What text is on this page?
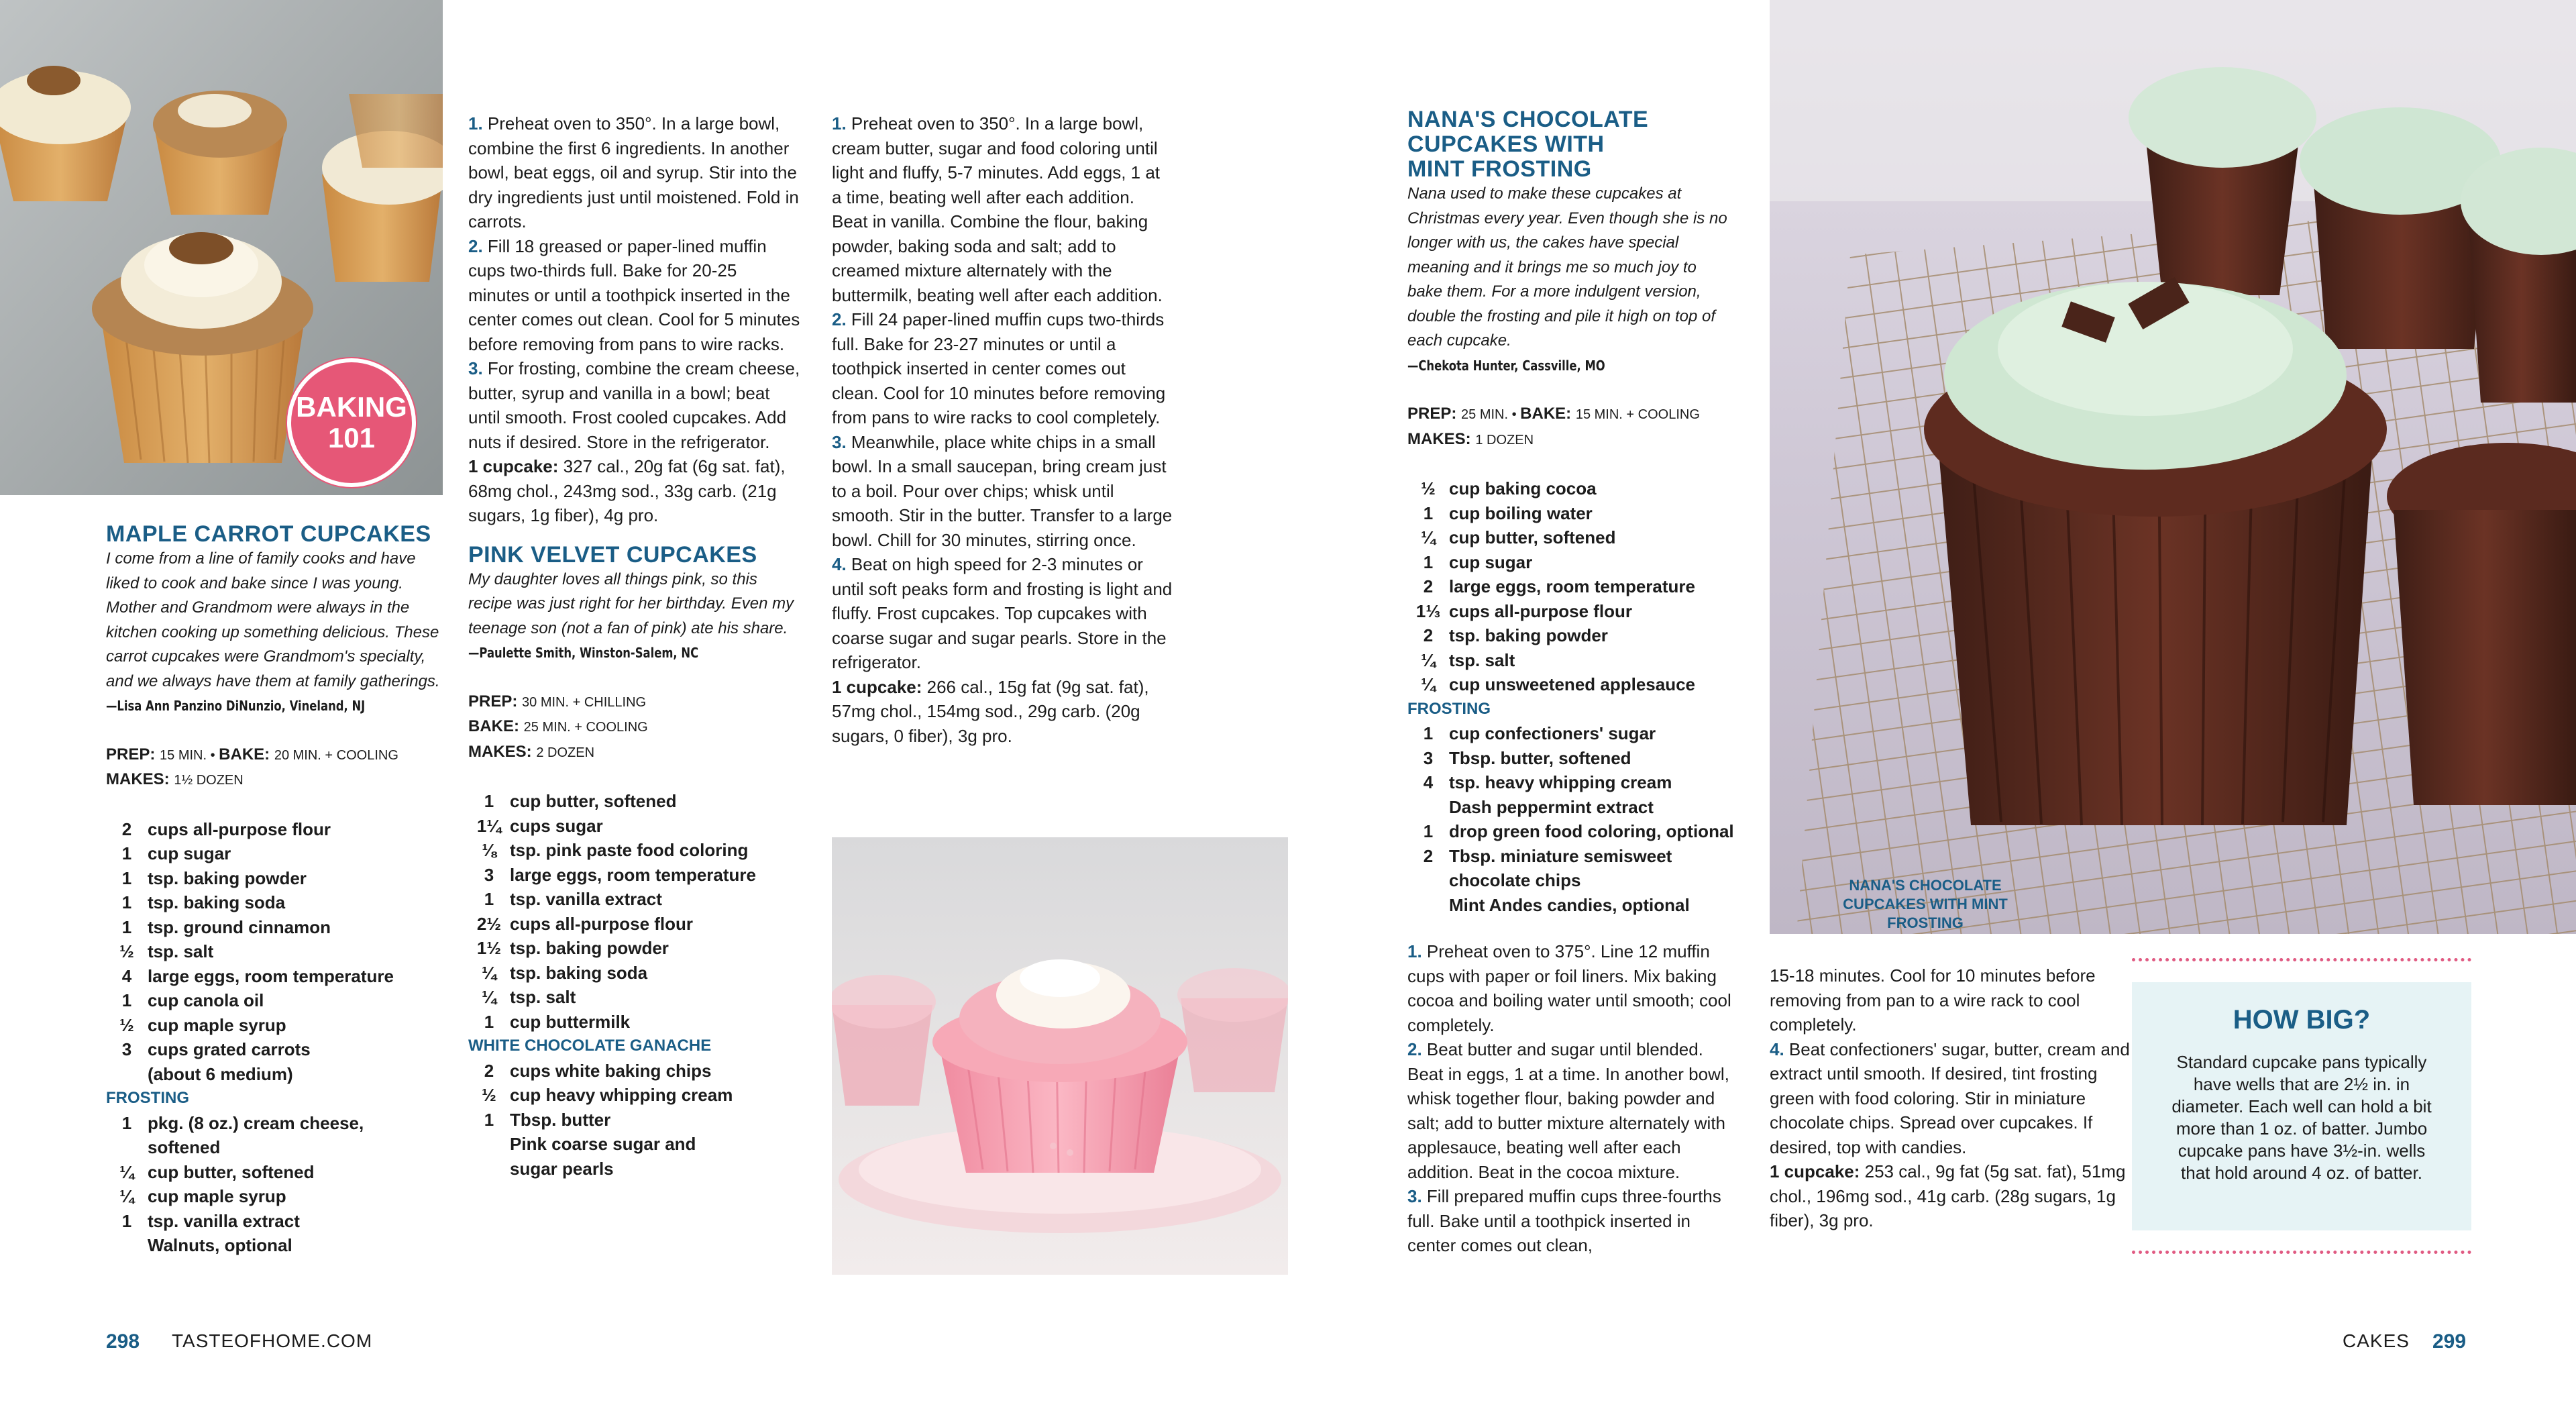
BAKING
101
MAPLE CARROT CUPCAKES

I come from a line of family cooks and have liked to cook and bake since I was young. Mother and Grandmom were always in the kitchen cooking up something delicious. These carrot cupcakes were Grandmom's specialty, and we always have them at family gatherings.

—Lisa Ann Panzino DiNunzio, Vineland, NJ

PREP: 15 MIN. • BAKE: 20 MIN. + COOLING

MAKES: 1½ DOZEN

2 cups all-purpose flour
1 cup sugar
1 tsp. baking powder
1 tsp. baking soda
1 tsp. ground cinnamon
½ tsp. salt
4 large eggs, room temperature
1 cup canola oil
½ cup maple syrup
3 cups grated carrots
(about 6 medium)

FROSTING

1 pkg. (8 oz.) cream cheese,
softened
¼ cup butter, softened
¼ cup maple syrup
1 tsp. vanilla extract
Walnuts, optional

1. Preheat oven to 350°. In a large bowl, combine the first 6 ingredients. In another bowl, beat eggs, oil and syrup. Stir into the dry ingredients just until moistened. Fold in carrots.

2. Fill 18 greased or paper-lined muffin cups two-thirds full. Bake for 20-25 minutes or until a toothpick inserted in the center comes out clean. Cool for 5 minutes before removing from pans to wire racks.

3. For frosting, combine the cream cheese, butter, syrup and vanilla in a bowl; beat until smooth. Frost cooled cupcakes. Add nuts if desired. Store in the refrigerator.

1 cupcake: 327 cal., 20g fat (6g sat. fat), 68mg chol., 243mg sod., 33g carb. (21g sugars, 1g fiber), 4g pro.

PINK VELVET CUPCAKES

My daughter loves all things pink, so this recipe was just right for her birthday. Even my teenage son (not a fan of pink) ate his share.

—Paulette Smith, Winston-Salem, NC

PREP: 30 MIN. + CHILLING

BAKE: 25 MIN. + COOLING

MAKES: 2 DOZEN

1 cup butter, softened
1¼ cups sugar
⅛ tsp. pink paste food coloring
3 large eggs, room temperature
1 tsp. vanilla extract
2½ cups all-purpose flour
1½ tsp. baking powder
¼ tsp. baking soda
¼ tsp. salt
1 cup buttermilk

WHITE CHOCOLATE GANACHE

2 cups white baking chips
½ cup heavy whipping cream
1 Tbsp. butter
Pink coarse sugar and
sugar pearls

1. Preheat oven to 350°. In a large bowl, cream butter, sugar and food coloring until light and fluffy, 5-7 minutes. Add eggs, 1 at a time, beating well after each addition. Beat in vanilla. Combine the flour, baking powder, baking soda and salt; add to creamed mixture alternately with the buttermilk, beating well after each addition.

2. Fill 24 paper-lined muffin cups two-thirds full. Bake for 23-27 minutes or until a toothpick inserted in center comes out clean. Cool for 10 minutes before removing from pans to wire racks to cool completely.

3. Meanwhile, place white chips in a small bowl. In a small saucepan, bring cream just to a boil. Pour over chips; whisk until smooth. Stir in the butter. Transfer to a large bowl. Chill for 30 minutes, stirring once.

4. Beat on high speed for 2-3 minutes or until soft peaks form and frosting is light and fluffy. Frost cupcakes. Top cupcakes with coarse sugar and sugar pearls. Store in the refrigerator.

1 cupcake: 266 cal., 15g fat (9g sat. fat), 57mg chol., 154mg sod., 29g carb. (20g sugars, 0 fiber), 3g pro.

NANA'S CHOCOLATE
CUPCAKES WITH
MINT FROSTING

Nana used to make these cupcakes at Christmas every year. Even though she is no longer with us, the cakes have special meaning and it brings me so much joy to bake them. For a more indulgent version, double the frosting and pile it high on top of each cupcake.

—Chekota Hunter, Cassville, MO

PREP: 25 MIN. • BAKE: 15 MIN. + COOLING

MAKES: 1 DOZEN

½ cup baking cocoa
1 cup boiling water
¼ cup butter, softened
1 cup sugar
2 large eggs, room temperature
1⅓ cups all-purpose flour
2 tsp. baking powder
¼ tsp. salt
¼ cup unsweetened applesauce

FROSTING

1 cup confectioners' sugar
3 Tbsp. butter, softened
4 tsp. heavy whipping cream
Dash peppermint extract
1 drop green food coloring, optional
2 Tbsp. miniature semisweet
chocolate chips
Mint Andes candies, optional

1. Preheat oven to 375°. Line 12 muffin cups with paper or foil liners. Mix baking cocoa and boiling water until smooth; cool completely.

2. Beat butter and sugar until blended. Beat in eggs, 1 at a time. In another bowl, whisk together flour, baking powder and salt; add to butter mixture alternately with applesauce, beating well after each addition. Beat in the cocoa mixture.

3. Fill prepared muffin cups three-fourths full. Bake until a toothpick inserted in center comes out clean,

15-18 minutes. Cool for 10 minutes before removing from pan to a wire rack to cool completely.

4. Beat confectioners' sugar, butter, cream and extract until smooth. If desired, tint frosting green with food coloring. Stir in miniature chocolate chips. Spread over cupcakes. If desired, top with candies.

1 cupcake: 253 cal., 9g fat (5g sat. fat), 51mg chol., 196mg sod., 41g carb. (28g sugars, 1g fiber), 3g pro.

NANA'S CHOCOLATE CUPCAKES WITH MINT FROSTING
HOW BIG?
Standard cupcake pans typically have wells that are 2½ in. in diameter. Each well can hold a bit more than 1 oz. of batter. Jumbo cupcake pans have 3½-in. wells that hold around 4 oz. of batter.
298 TASTEOFHOME.COM	CAKES 299
